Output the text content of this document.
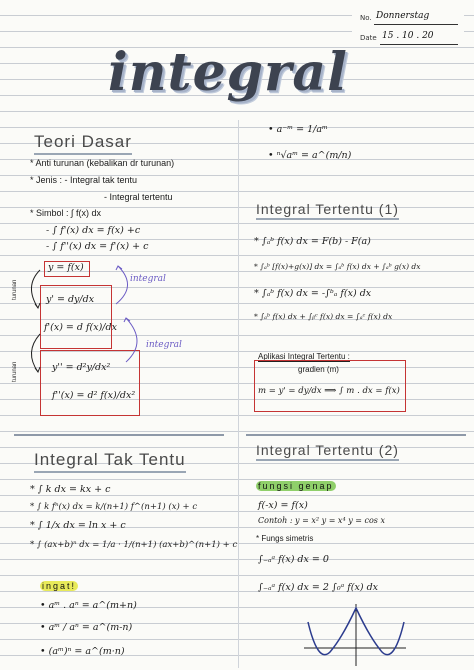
No. Donnerstag
Date 15 . 10 . 20
integral
• a⁻ᵐ = 1/aᵐ
• ⁿ√aᵐ = a^(m/n)
Teori Dasar
* Anti turunan (kebalikan dr turunan)
* Jenis : - Integral tak tentu
- Integral tertentu
* Simbol : ∫ f(x) dx
- ∫ f'(x) dx = f(x) +c
- ∫ f''(x) dx = f'(x) + c
y = f(x)
y' = dy/dx
f'(x) = d f(x)/dx
y'' = d²y/dx²
f''(x) = d² f(x)/dx²
turunan
turunan
integral
integral
Integral Tertentu (1)
* ∫ₐᵇ f(x) dx = F(b) - F(a)
* ∫ₐᵇ [f(x)+g(x)] dx = ∫ₐᵇ f(x) dx + ∫ₐᵇ g(x) dx
* ∫ₐᵇ f(x) dx = -∫ᵇₐ f(x) dx
* ∫ₐᵇ f(x) dx + ∫ᵦᶜ f(x) dx = ∫ₐᶜ f(x) dx
Aplikasi Integral Tertentu :
gradien (m)
m = y' = dy/dx ⟹ ∫ m . dx = f(x)
Integral Tak Tentu
* ∫ k dx = kx + c
* ∫ k fⁿ(x) dx = k/(n+1) f^(n+1) (x) + c
* ∫ 1/x dx = ln x + c
* ∫ (ax+b)ⁿ dx = 1/a · 1/(n+1) (ax+b)^(n+1) + c
ingat!
• aᵐ . aⁿ = a^(m+n)
• aᵐ / aⁿ = a^(m-n)
• (aᵐ)ⁿ = a^(m·n)
Integral Tertentu (2)
fungsi genap
f(-x) = f(x)
Contoh : y = x² y = x⁴ y = cos x
* Fungs simetris
∫₋ₐᵃ f(x) dx = 0
∫₋ₐᵃ f(x) dx = 2 ∫₀ᵃ f(x) dx
